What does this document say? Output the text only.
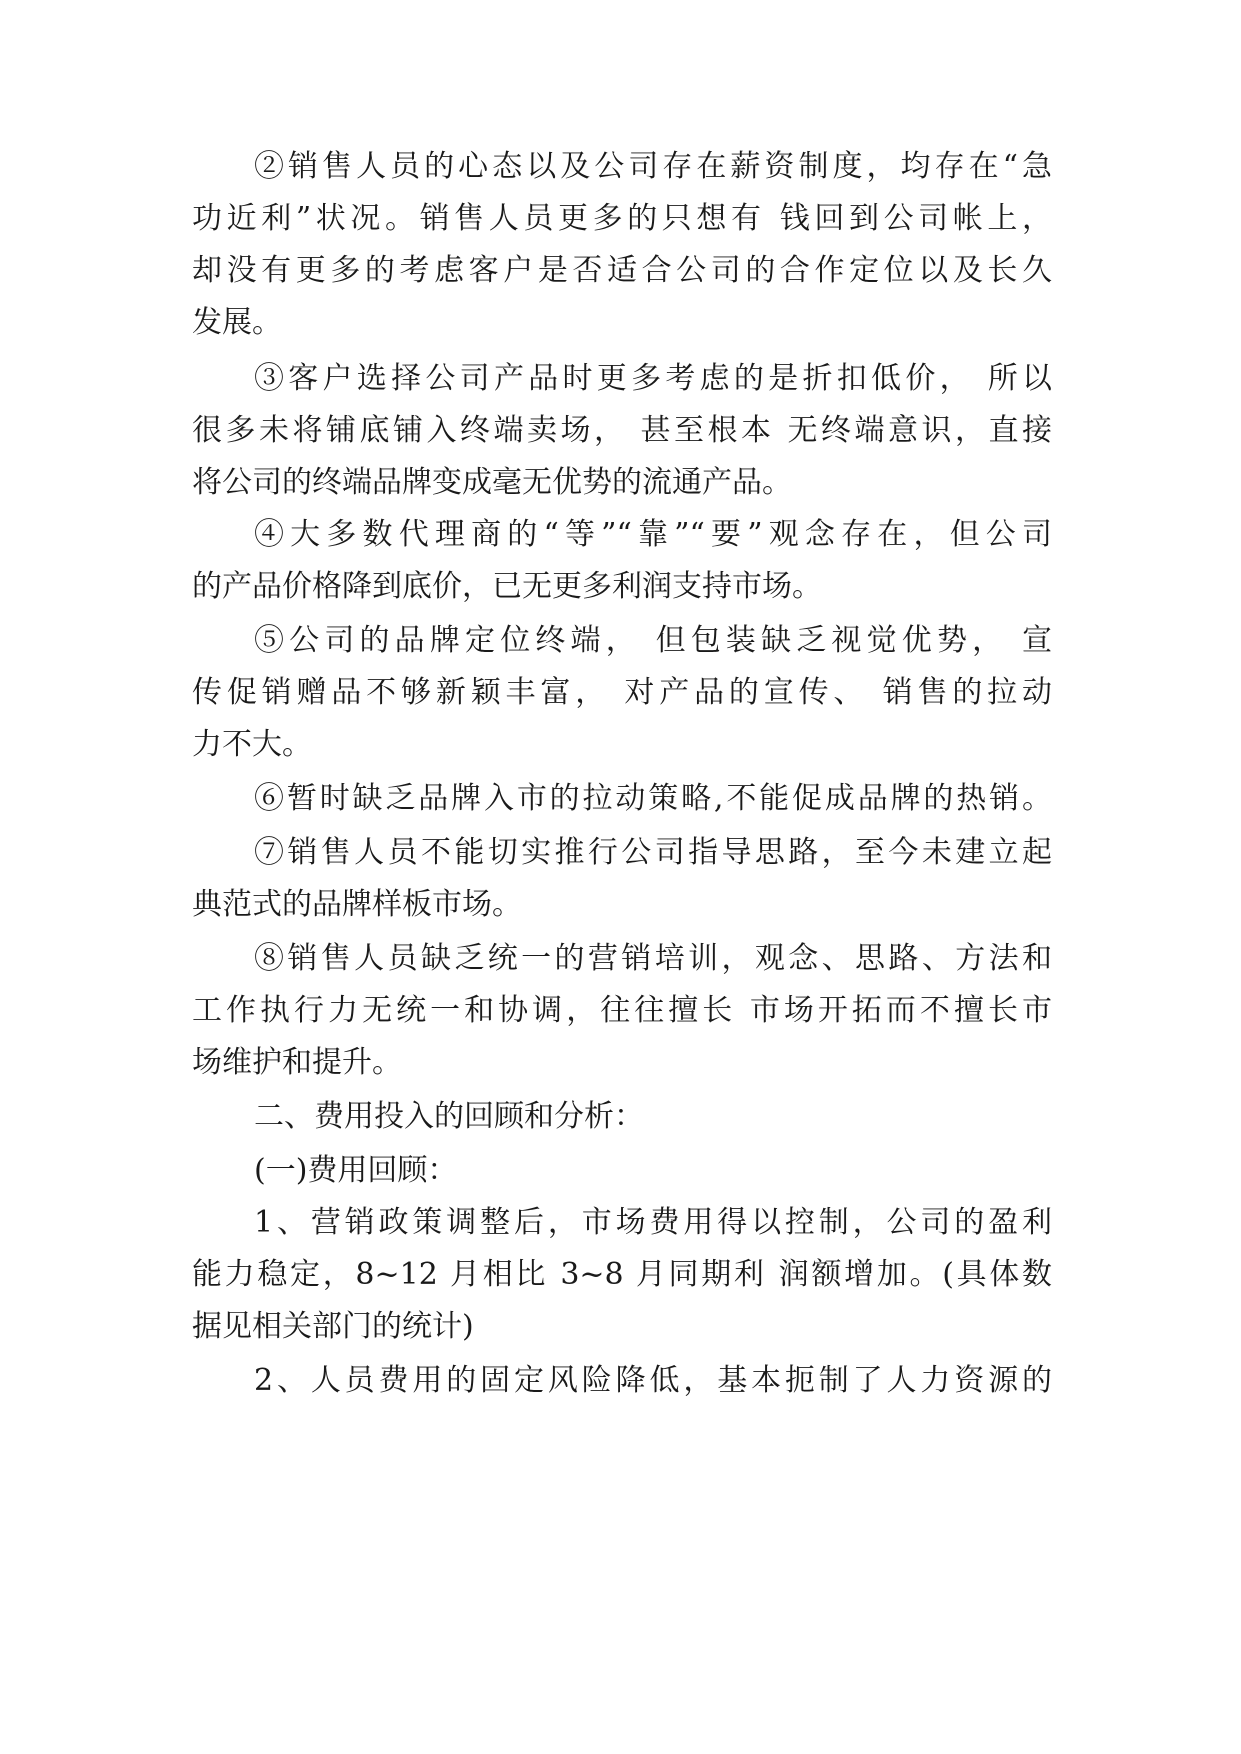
②销售人员的心态以及公司存在薪资制度，均存在“急
功近利”状况。销售人员更多的只想有 钱回到公司帐上，
却没有更多的考虑客户是否适合公司的合作定位以及长久
发展。
③客户选择公司产品时更多考虑的是折扣低价， 所以
很多未将铺底铺入终端卖场， 甚至根本 无终端意识，直接
将公司的终端品牌变成毫无优势的流通产品。
④大多数代理商的“等”“靠”“要”观念存在，但公司
的产品价格降到底价，已无更多利润支持市场。
⑤公司的品牌定位终端， 但包装缺乏视觉优势， 宣
传促销赠品不够新颖丰富， 对产品的宣传、 销售的拉动
力不大。
⑥暂时缺乏品牌入市的拉动策略,不能促成品牌的热销。
⑦销售人员不能切实推行公司指导思路，至今未建立起
典范式的品牌样板市场。
⑧销售人员缺乏统一的营销培训，观念、思路、方法和
工作执行力无统一和协调，往往擅长 市场开拓而不擅长市
场维护和提升。
二、费用投入的回顾和分析：
(一)费用回顾：
1、营销政策调整后，市场费用得以控制，公司的盈利
能力稳定，8~12 月相比 3~8 月同期利 润额增加。(具体数
据见相关部门的统计)
2、人员费用的固定风险降低，基本扼制了人力资源的
